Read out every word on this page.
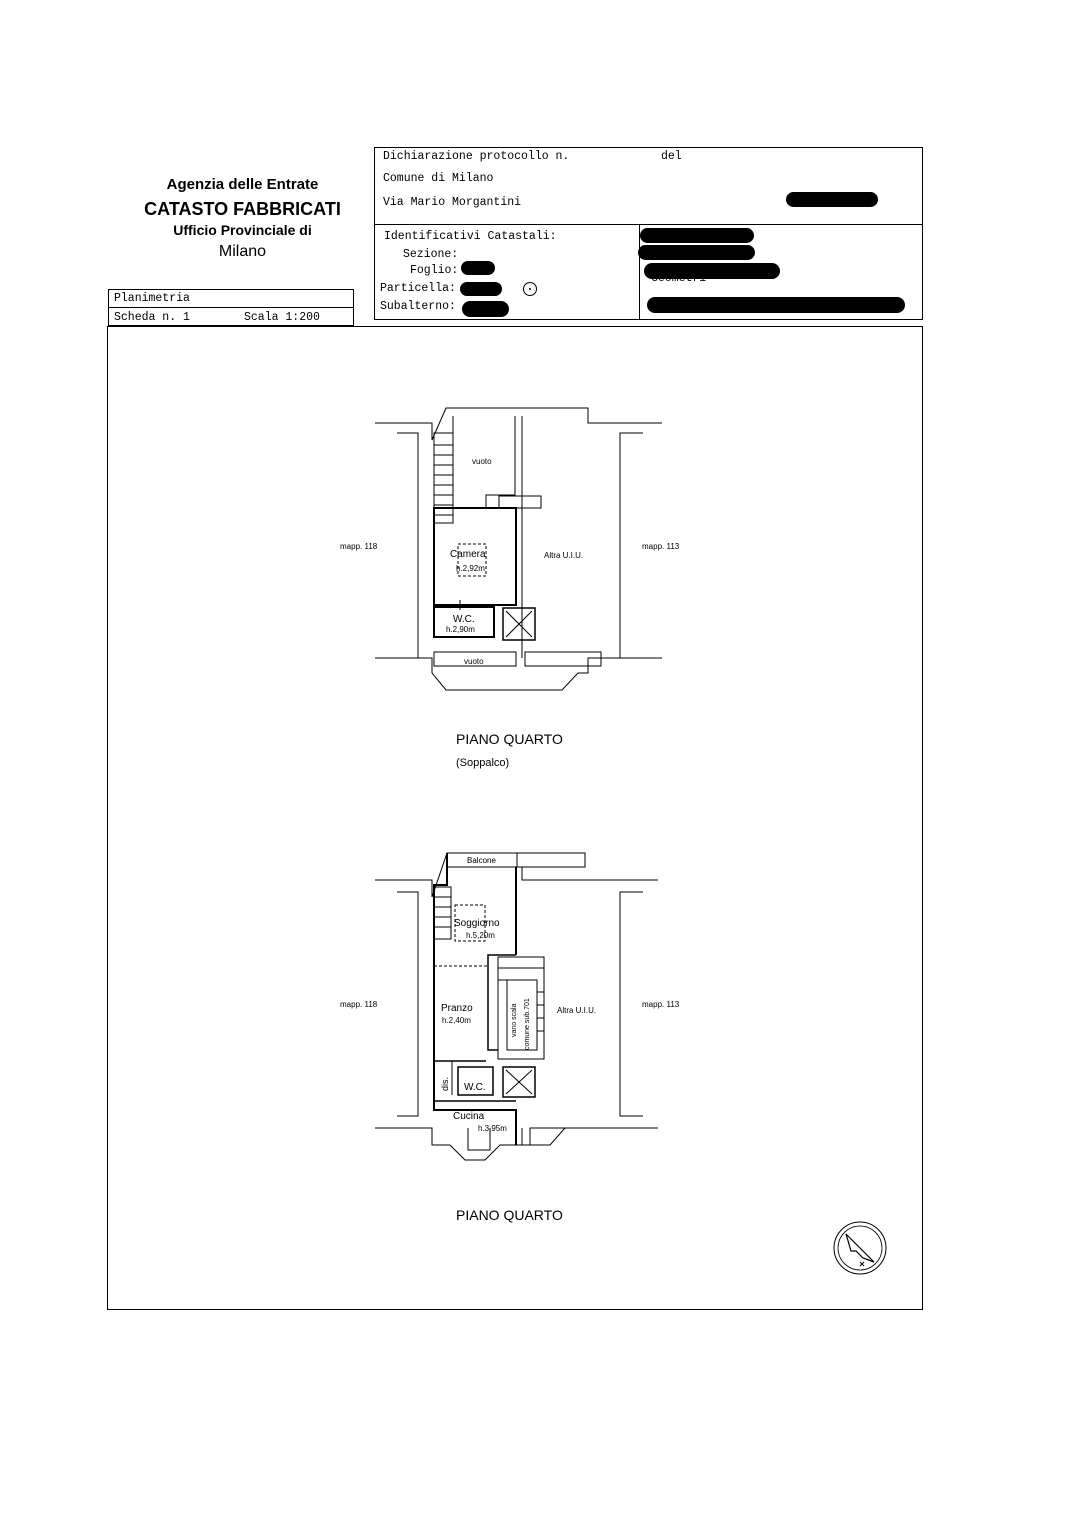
Agenzia delle Entrate
CATASTO FABBRICATI
Ufficio Provinciale di
Milano
Planimetria
Scheda n. 1	Scala 1:200
Dichiarazione protocollo n.	del
Comune di Milano
Via Mario Morgantini
Identificativi Catastali:
Sezione:
Foglio:
Particella:
Subalterno:
vuoto
Camera
h.2,92m
W.C.
h.2,90m
vuoto
Altra U.I.U.
mapp. 118	mapp. 113
PIANO QUARTO
(Soppalco)
Balcone
Soggiorno
h.5,20m
Pranzo
h.2,40m	vano scala comune sub.701
dis. W.C.
Cucina
h.3,95m
Altra U.I.U.
mapp. 118	mapp. 113
PIANO QUARTO
